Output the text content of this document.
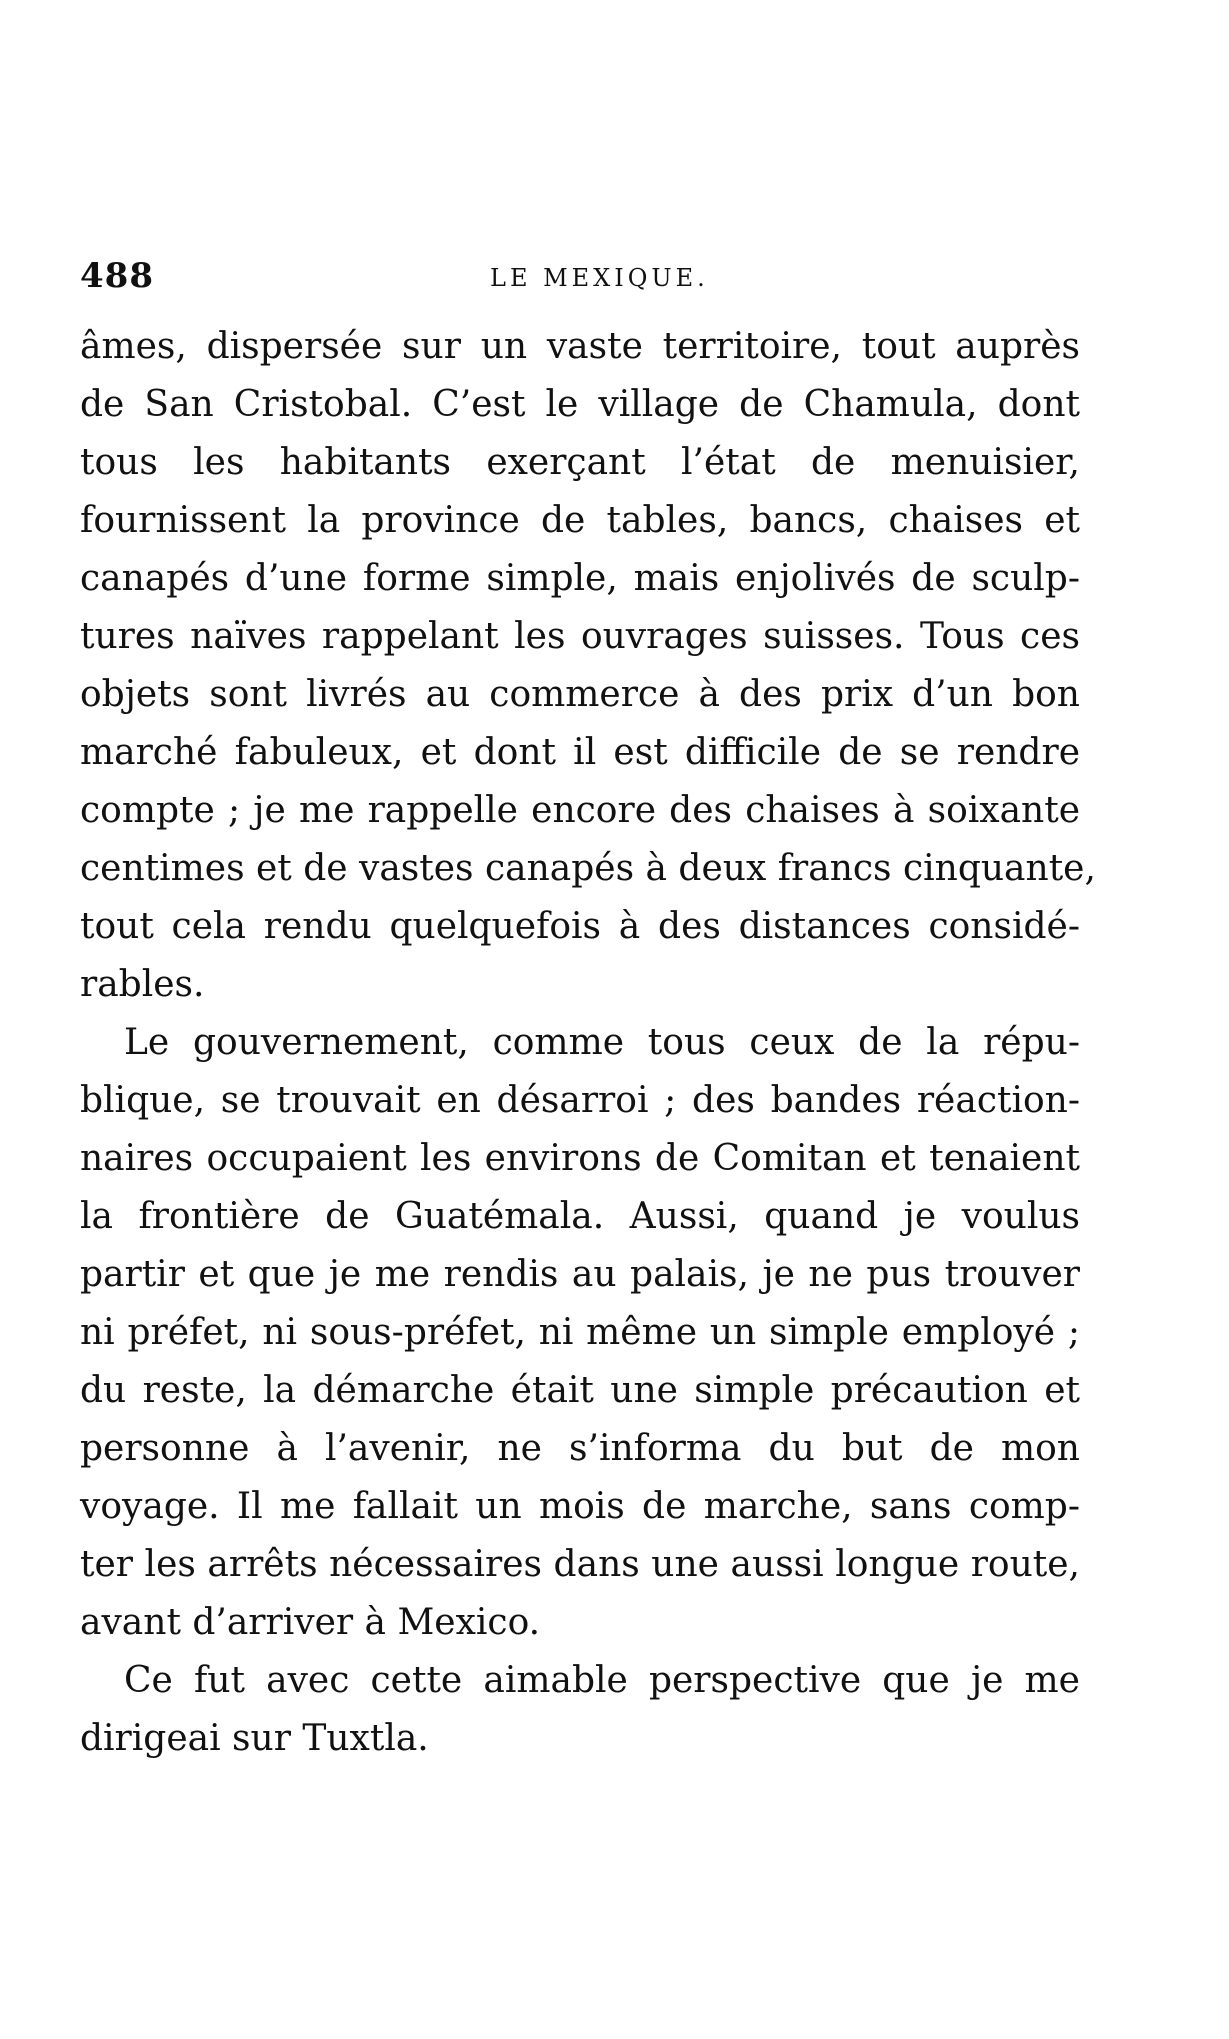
488	LE MEXIQUE.
âmes, dispersée sur un vaste territoire, tout auprès
de San Cristobal. C’est le village de Chamula, dont
tous les habitants exerçant l’état de menuisier,
fournissent la province de tables, bancs, chaises et
canapés d’une forme simple, mais enjolivés de sculp-
tures naïves rappelant les ouvrages suisses. Tous ces
objets sont livrés au commerce à des prix d’un bon
marché fabuleux, et dont il est difficile de se rendre
compte ; je me rappelle encore des chaises à soixante
centimes et de vastes canapés à deux francs cinquante,
tout cela rendu quelquefois à des distances considé-
rables.
Le gouvernement, comme tous ceux de la répu-
blique, se trouvait en désarroi ; des bandes réaction-
naires occupaient les environs de Comitan et tenaient
la frontière de Guatémala. Aussi, quand je voulus
partir et que je me rendis au palais, je ne pus trouver
ni préfet, ni sous-préfet, ni même un simple employé ;
du reste, la démarche était une simple précaution et
personne à l’avenir, ne s’informa du but de mon
voyage. Il me fallait un mois de marche, sans comp-
ter les arrêts nécessaires dans une aussi longue route,
avant d’arriver à Mexico.
Ce fut avec cette aimable perspective que je me
dirigeai sur Tuxtla.
